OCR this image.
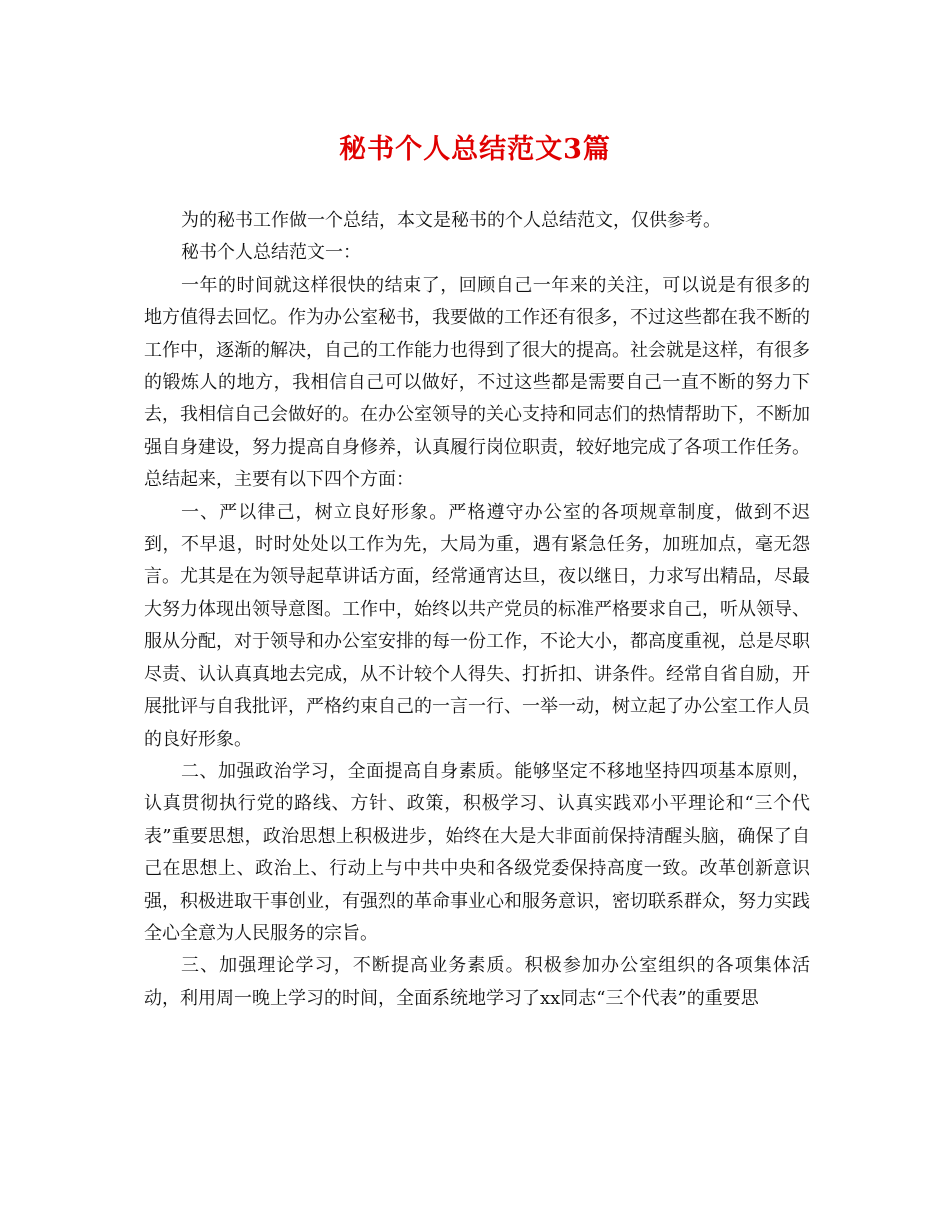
秘书个人总结范文3篇

为的秘书工作做一个总结，本文是秘书的个人总结范文，仅供参考。

秘书个人总结范文一：

一年的时间就这样很快的结束了，回顾自己一年来的关注，可以说是有很多的地方值得去回忆。作为办公室秘书，我要做的工作还有很多，不过这些都在我不断的工作中，逐渐的解决，自己的工作能力也得到了很大的提高。社会就是这样，有很多的锻炼人的地方，我相信自己可以做好，不过这些都是需要自己一直不断的努力下去，我相信自己会做好的。在办公室领导的关心支持和同志们的热情帮助下，不断加强自身建设，努力提高自身修养，认真履行岗位职责，较好地完成了各项工作任务。总结起来，主要有以下四个方面：

一、严以律己，树立良好形象。严格遵守办公室的各项规章制度，做到不迟到，不早退，时时处处以工作为先，大局为重，遇有紧急任务，加班加点，毫无怨言。尤其是在为领导起草讲话方面，经常通宵达旦，夜以继日，力求写出精品，尽最大努力体现出领导意图。工作中，始终以共产党员的标准严格要求自己，听从领导、服从分配，对于领导和办公室安排的每一份工作，不论大小，都高度重视，总是尽职尽责、认认真真地去完成，从不计较个人得失、打折扣、讲条件。经常自省自励，开展批评与自我批评，严格约束自己的一言一行、一举一动，树立起了办公室工作人员的良好形象。

二、加强政治学习，全面提高自身素质。能够坚定不移地坚持四项基本原则，认真贯彻执行党的路线、方针、政策，积极学习、认真实践邓小平理论和“三个代表”重要思想，政治思想上积极进步，始终在大是大非面前保持清醒头脑，确保了自己在思想上、政治上、行动上与中共中央和各级党委保持高度一致。改革创新意识强，积极进取干事创业，有强烈的革命事业心和服务意识，密切联系群众，努力实践全心全意为人民服务的宗旨。

三、加强理论学习，不断提高业务素质。积极参加办公室组织的各项集体活动，利用周一晚上学习的时间，全面系统地学习了xx同志“三个代表”的重要思
